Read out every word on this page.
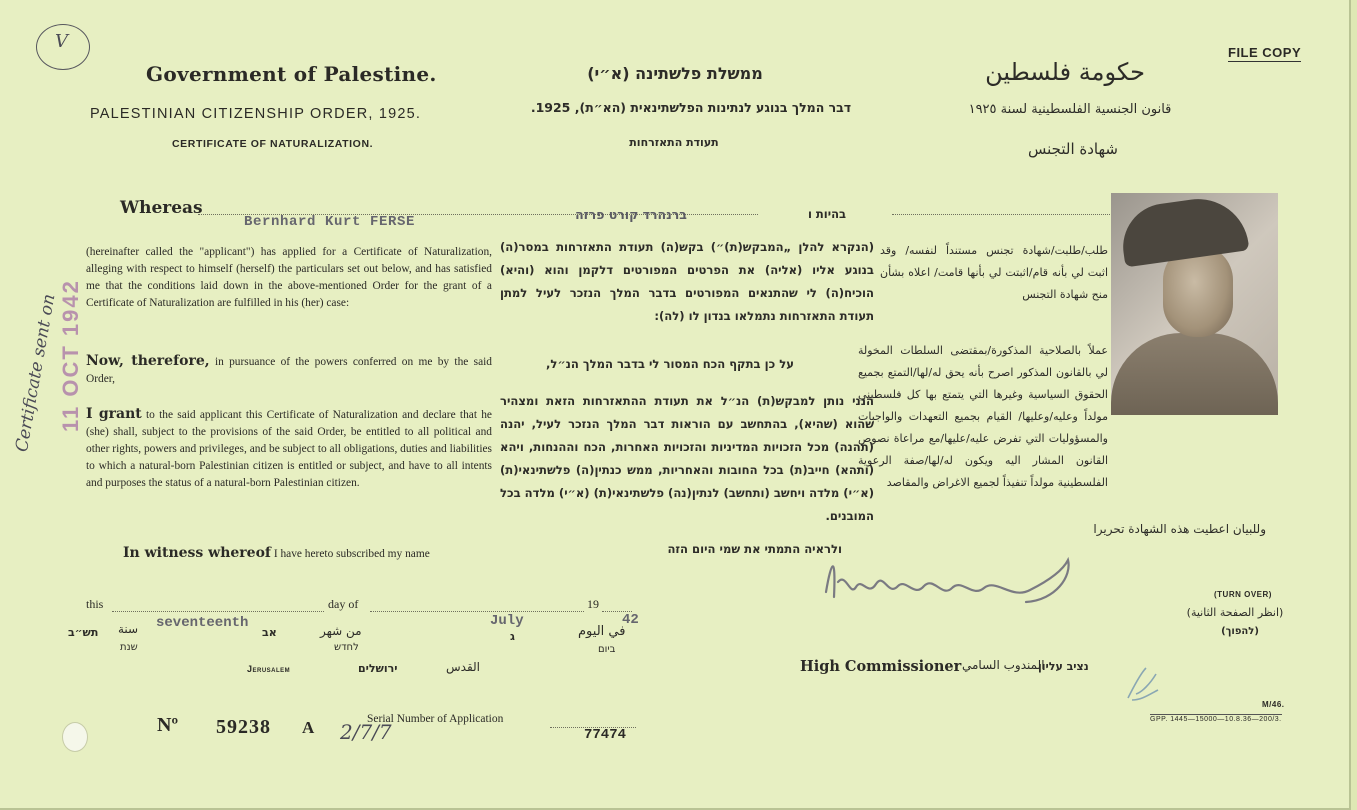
V
FILE COPY
Government of Palestine.
PALESTINIAN CITIZENSHIP ORDER, 1925.
CERTIFICATE OF NATURALIZATION.
ממשלת פלשתינה (א״י)
דבר המלך בנוגע לנתינות הפלשתינאית (הא״ת), 1925.
תעודת התאזרחות
حكومة فلسطين
قانون الجنسية الفلسطينية لسنة ١٩٢٥
شهادة التجنس
Whereas
Bernhard Kurt FERSE	ברנהרד קורט פרזה	בהיות ו
(hereinafter called the "applicant") has applied for a Certificate of Naturalization, alleging with respect to himself (herself) the particulars set out below, and has satisfied me that the conditions laid down in the above-mentioned Order for the grant of a Certificate of Naturalization are fulfilled in his (her) case:
Now, therefore, in pursuance of the powers conferred on me by the said Order,
I grant to the said applicant this Certificate of Naturalization and declare that he (she) shall, subject to the provisions of the said Order, be entitled to all political and other rights, powers and privileges, and be subject to all obligations, duties and liabilities to which a natural-born Palestinian citizen is entitled or subject, and have to all intents and purposes the status of a natural-born Palestinian citizen.
In witness whereof I have hereto subscribed my name
(הנקרא להלן „המבקש(ת)״) בקש(ה) תעודת התאזרחות במסר(ה) בנוגע אליו (אליה) את הפרטים המפורטים דלקמן והוא (והיא) הוכיח(ה) לי שהתנאים המפורטים בדבר המלך הנזכר לעיל למתן תעודת התאזרחות נתמלאו בנדון לו (לה):
על כן בתקף הכח המסור לי בדבר המלך הנ״ל,
הנני נותן למבקש(ת) הנ״ל את תעודת ההתאזרחות הזאת ומצהיר שהוא (שהיא), בהתחשב עם הוראות דבר המלך הנזכר לעיל, יהנה (תהנה) מכל הזכויות המדיניות והזכויות האחרות, הכח וההנחות, ויהא (ותהא) חייב(ת) בכל החובות והאחריות, ממש כנתין(ה) פלשתינאי(ת) (א״י) מלדה ויחשב (ותחשב) לנתין(נה) פלשתינאי(ת) (א״י) מלדה בכל המובנים.
ולראיה התמתי את שמי היום הזה
طلب/طلبت/شهادة تجنس مستنداً لنفسه/ وقد اثبت لي بأنه قام/اثبتت لي بأنها قامت/ اعلاه بشأن منح شهادة التجنس
عملاً بالصلاحية المذكورة/بمقتضى السلطات المخولة لي بالقانون المذكور اصرح بأنه يحق له/لها/التمتع بجميع الحقوق السياسية وغيرها التي يتمتع بها كل فلسطيني مولداً وعليه/وعليها/ القيام بجميع التعهدات والواجبات والمسؤوليات التي تفرض عليه/عليها/مع مراعاة نصوص القانون المشار اليه ويكون له/لها/صفة الرعوية الفلسطينية مولداً تنفيذاً لجميع الاغراض والمقاصد
وللبيان اعطيت هذه الشهادة تحريرا
(TURN OVER)
(انظر الصفحة الثانية)
(להפוך)
this
seventeenth
day of
July
19
42
תש״ב
שנת
سنة	אב
לחדש
من شهر	ג	في اليوم
ביום
Jerusalem	ירושלים	القدس	High Commissioner	נציב עליון
المندوب السامي
Nº 59238 A 2/7/7
Serial Number of Application
77474
M/46.
GPP. 1445—15000—10.8.36—200/3.
11 OCT 1942
Certificate sent on
